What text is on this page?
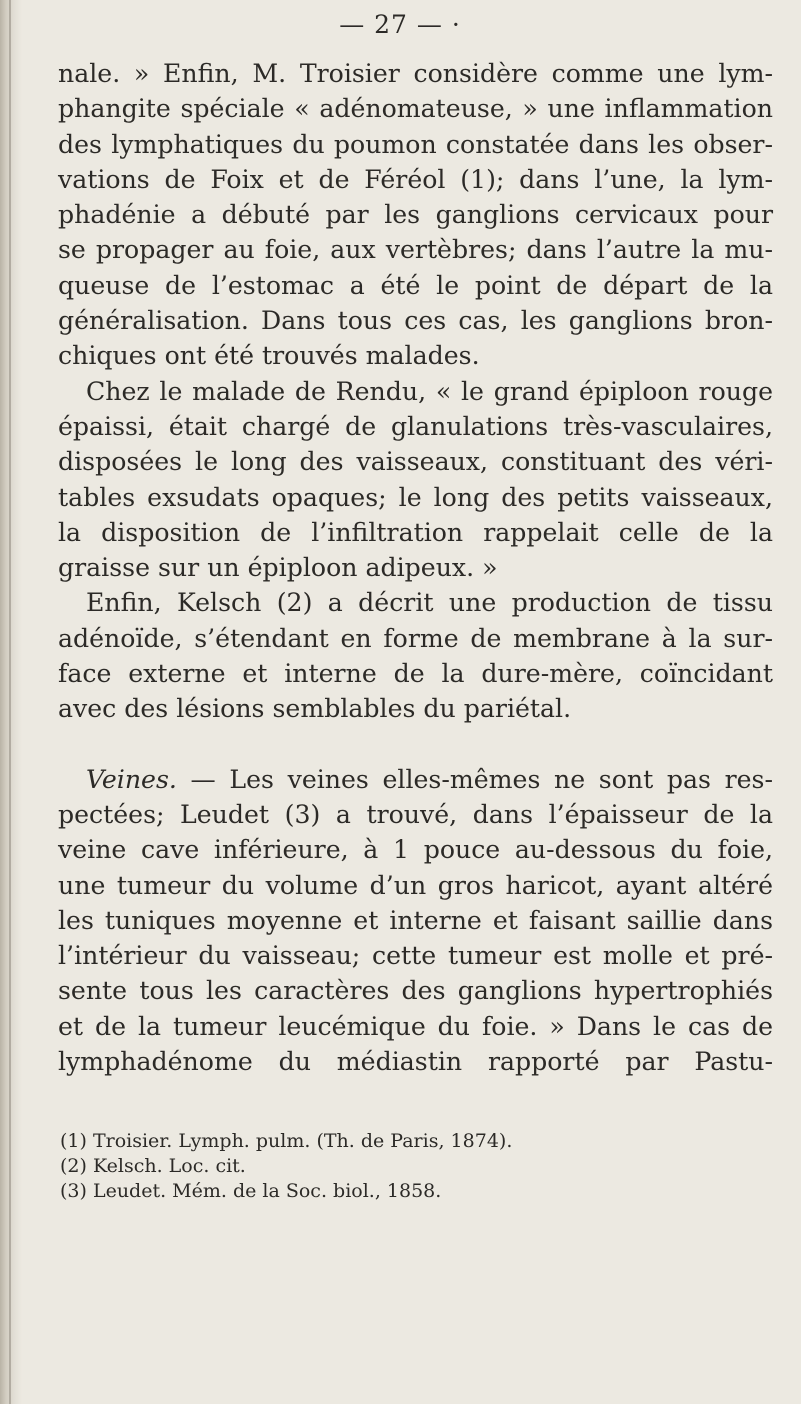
— 27 — ·
nale. » Enfin, M. Troisier considère comme une lym-
phangite spéciale « adénomateuse, » une inflammation
des lymphatiques du poumon constatée dans les obser-
vations de Foix et de Féréol (1); dans l’une, la lym-
phadénie a débuté par les ganglions cervicaux pour
se propager au foie, aux vertèbres; dans l’autre la mu-
queuse de l’estomac a été le point de départ de la
généralisation. Dans tous ces cas, les ganglions bron-
chiques ont été trouvés malades.
Chez le malade de Rendu, « le grand épiploon rouge
épaissi, était chargé de glanulations très-vasculaires,
disposées le long des vaisseaux, constituant des véri-
tables exsudats opaques; le long des petits vaisseaux,
la disposition de l’infiltration rappelait celle de la
graisse sur un épiploon adipeux. »
Enfin, Kelsch (2) a décrit une production de tissu
adénoïde, s’étendant en forme de membrane à la sur-
face externe et interne de la dure-mère, coïncidant
avec des lésions semblables du pariétal.
Veines. — Les veines elles-mêmes ne sont pas res-
pectées; Leudet (3) a trouvé, dans l’épaisseur de la
veine cave inférieure, à 1 pouce au-dessous du foie,
une tumeur du volume d’un gros haricot, ayant altéré
les tuniques moyenne et interne et faisant saillie dans
l’intérieur du vaisseau; cette tumeur est molle et pré-
sente tous les caractères des ganglions hypertrophiés
et de la tumeur leucémique du foie. » Dans le cas de
lymphadénome du médiastin rapporté par Pastu-
(1) Troisier. Lymph. pulm. (Th. de Paris, 1874).
(2) Kelsch. Loc. cit.
(3) Leudet. Mém. de la Soc. biol., 1858.
